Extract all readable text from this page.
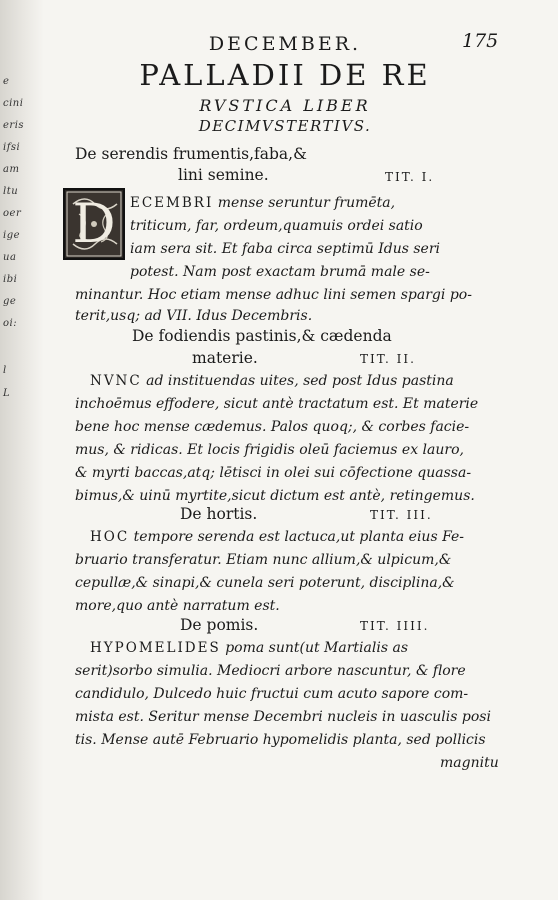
e
cini
eris
ifsi
am
ltu
oer
ige
ua
ibi
ge
oi:
l
L
DECEMBER.	175
PALLADII DE RE
RVSTICA LIBER
DECIMVSTERTIVS.
De serendis frumentis,faba,&
lini semine.	TIT. I.
D	ECEMBRI mense seruntur frumēta,
triticum, far, ordeum,quamuis ordei satio
iam sera sit. Et faba circa septimū Idus seri
potest. Nam post exactam brumā male se-
minantur. Hoc etiam mense adhuc lini semen spargi po-
terit,usq; ad VII. Idus Decembris.
De fodiendis pastinis,& cædenda
materie.	TIT. II.
NVNC ad instituendas uites, sed post Idus pastina
inchoēmus effodere, sicut antè tractatum est. Et materie
bene hoc mense cædemus. Palos quoq;, & corbes facie-
mus, & ridicas. Et locis frigidis oleū faciemus ex lauro,
& myrti baccas,atq; lētisci in olei sui cōfectione quassa-
bimus,& uinū myrtite,sicut dictum est antè, retingemus.
De hortis.	TIT. III.
HOC tempore serenda est lactuca,ut planta eius Fe-
bruario transferatur. Etiam nunc allium,& ulpicum,&
cepullæ,& sinapi,& cunela seri poterunt, disciplina,&
more,quo antè narratum est.
De pomis.	TIT. IIII.
HYPOMELIDES poma sunt(ut Martialis as
serit)sorbo simulia. Mediocri arbore nascuntur, & flore
candidulo, Dulcedo huic fructui cum acuto sapore com-
mista est. Seritur mense Decembri nucleis in uasculis posi
tis. Mense autē Februario hypomelidis planta, sed pollicis
magnitu
